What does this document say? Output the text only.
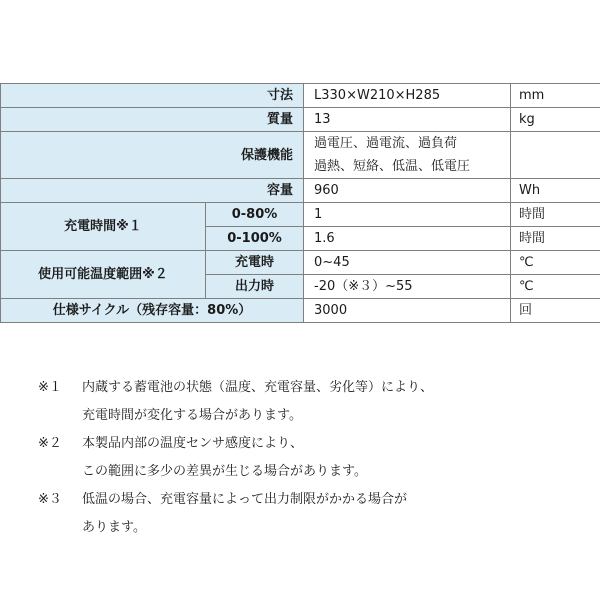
寸法		L330×W210×H285	mm
質量		13	kg
保護機能		過電圧、過電流、過負荷
過熱、短絡、低温、低電圧	

容量		960	Wh
充電時間※１	0-80%	1	時間
	0-100%	1.6	時間
使用可能温度範囲※２	充電時	0~45	℃
	出力時	-20（※３）~55	℃
仕様サイクル（残存容量：80%）		3000	回
※１	内蔵する蓄電池の状態（温度、充電容量、劣化等）により、
充電時間が変化する場合があります。
※２	本製品内部の温度センサ感度により、
この範囲に多少の差異が生じる場合があります。
※３	低温の場合、充電容量によって出力制限がかかる場合が
あります。
